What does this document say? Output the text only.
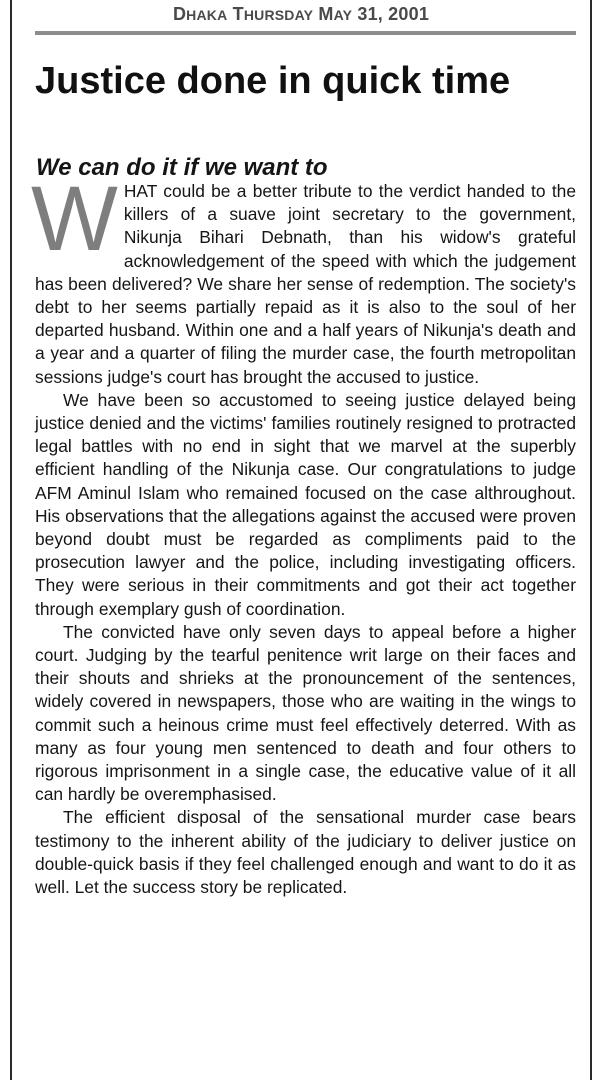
DHAKA THURSDAY MAY 31, 2001
Justice done in quick time
We can do it if we want to

WHAT could be a better tribute to the verdict handed to the killers of a suave joint secretary to the government, Nikunja Bihari Debnath, than his widow's grateful acknowledgement of the speed with which the judgement has been delivered? We share her sense of redemption. The society's debt to her seems partially repaid as it is also to the soul of her departed husband. Within one and a half years of Nikunja's death and a year and a quarter of filing the murder case, the fourth metropolitan sessions judge's court has brought the accused to justice.

We have been so accustomed to seeing justice delayed being justice denied and the victims' families routinely resigned to protracted legal battles with no end in sight that we marvel at the superbly efficient handling of the Nikunja case. Our congratulations to judge AFM Aminul Islam who remained focused on the case althroughout. His observations that the allegations against the accused were proven beyond doubt must be regarded as compliments paid to the prosecution lawyer and the police, including investigating officers. They were serious in their commitments and got their act together through exemplary gush of coordination.

The convicted have only seven days to appeal before a higher court. Judging by the tearful penitence writ large on their faces and their shouts and shrieks at the pronouncement of the sentences, widely covered in newspapers, those who are waiting in the wings to commit such a heinous crime must feel effectively deterred. With as many as four young men sentenced to death and four others to rigorous imprisonment in a single case, the educative value of it all can hardly be overemphasised.

The efficient disposal of the sensational murder case bears testimony to the inherent ability of the judiciary to deliver justice on double-quick basis if they feel challenged enough and want to do it as well. Let the success story be replicated.
